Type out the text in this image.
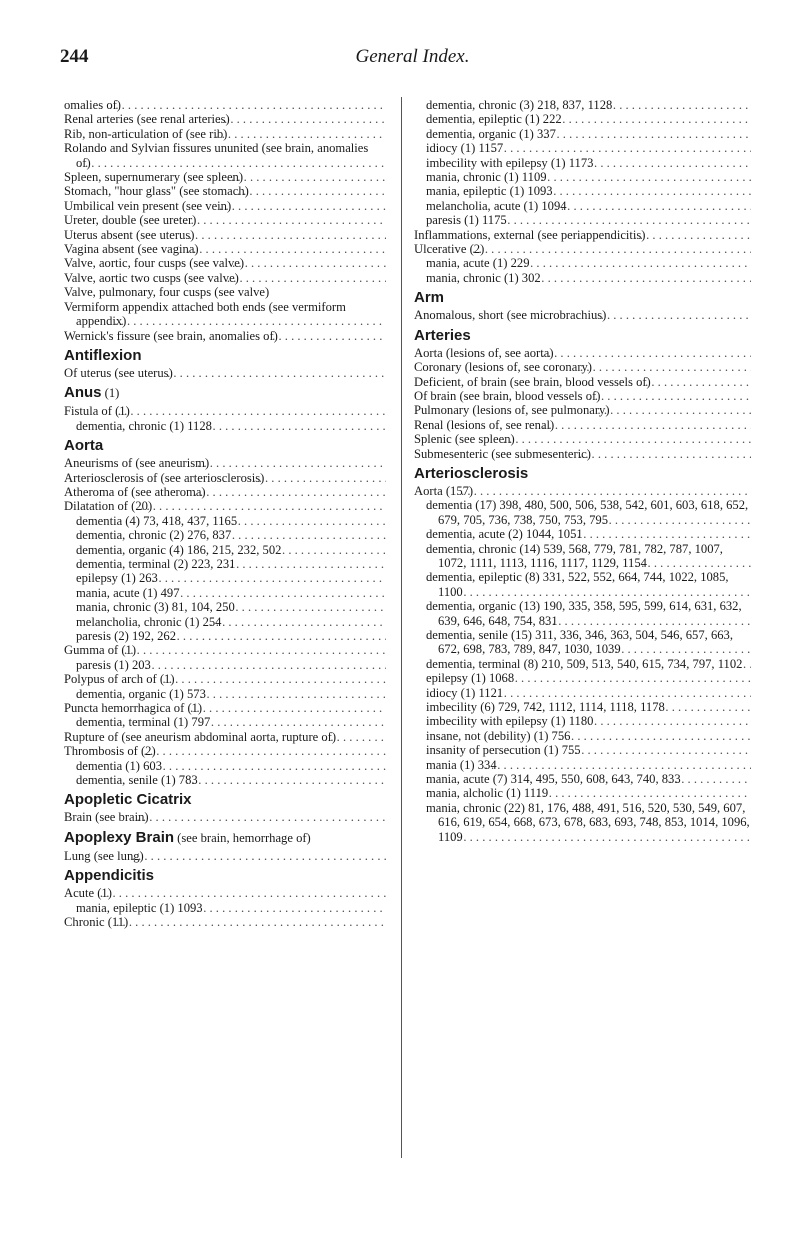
244	General Index.
omalies of) . . .
Renal arteries (see renal arteries) . . .
Rib, non-articulation of (see rib) . . .
Rolando and Sylvian fissures ununited (see brain, anomalies of) . . .
Spleen, supernumerary (see spleen) . . .
Stomach, "hour glass" (see stomach) . . .
Umbilical vein present (see vein) . . .
Ureter, double (see ureter) . . .
Uterus absent (see uterus) . . .
Vagina absent (see vagina) . . .
Valve, aortic, four cusps (see valve) . . .
Valve, aortic two cusps (see valve) . . .
Valve, pulmonary, four cusps (see valve)
Vermiform appendix attached both ends (see vermiform appendix) . . .
Wernick's fissure (see brain, anomalies of) . . .
Antiflexion
Of uterus (see uterus) . . .
Anus (1)
Fistula of (1) . . .
dementia, chronic (1) 1128 . . .
Aorta
Aneurisms of (see aneurism) . . .
Arteriosclerosis of (see arteriosclerosis) . . .
Atheroma of (see atheroma) . . .
Dilatation of (20) . . .
dementia (4) 73, 418, 437, 1165 . . .
dementia, chronic (2) 276, 837 . . .
dementia, organic (4) 186, 215, 232, 502 . . .
dementia, terminal (2) 223, 231 . . .
epilepsy (1) 263 . . .
mania, acute (1) 497 . . .
mania, chronic (3) 81, 104, 250 . . .
melancholia, chronic (1) 254 . . .
paresis (2) 192, 262 . . .
Gumma of (1) . . .
paresis (1) 203 . . .
Polypus of arch of (1) . . .
dementia, organic (1) 573 . . .
Puncta hemorrhagica of (1) . . .
dementia, terminal (1) 797 . . .
Rupture of (see aneurism abdominal aorta, rupture of) . . .
Thrombosis of (2) . . .
dementia (1) 603 . . .
dementia, senile (1) 783 . . .
Apopletic Cicatrix
Brain (see brain) . . .
Apoplexy Brain (see brain, hemorrhage of)
Lung (see lung) . . .
Appendicitis
Acute (1) . . .
mania, epileptic (1) 1093 . . .
Chronic (11) . . .
dementia, chronic (3) 218, 837, 1128 . . .
dementia, epileptic (1) 222 . . .
dementia, organic (1) 337 . . .
idiocy (1) 1157 . . .
imbecility with epilepsy (1) 1173 . . .
mania, chronic (1) 1109 . . .
mania, epileptic (1) 1093 . . .
melancholia, acute (1) 1094 . . .
paresis (1) 1175 . . .
Inflammations, external (see periappendicitis) . . .
Ulcerative (2) . . .
mania, acute (1) 229 . . .
mania, chronic (1) 302 . . .
Arm
Anomalous, short (see microbrachius) . . .
Arteries
Aorta (lesions of, see aorta) . . .
Coronary (lesions of, see coronary) . . .
Deficient, of brain (see brain, blood vessels of) . . .
Of brain (see brain, blood vessels of) . . .
Pulmonary (lesions of, see pulmonary) . . .
Renal (lesions of, see renal) . . .
Splenic (see spleen) . . .
Submesenteric (see submesenteric) . . .
Arteriosclerosis
Aorta (157) . . .
dementia (17) 398, 480, 500, 506, 538, 542, 601, 603, 618, 652, 679, 705, 736, 738, 750, 753, 795 . . .
dementia, acute (2) 1044, 1051 . . .
dementia, chronic (14) 539, 568, 779, 781, 782, 787, 1007, 1072, 1111, 1113, 1116, 1117, 1129, 1154 . . .
dementia, epileptic (8) 331, 522, 552, 664, 744, 1022, 1085, 1100 . . .
dementia, organic (13) 190, 335, 358, 595, 599, 614, 631, 632, 639, 646, 648, 754, 831 . . .
dementia, senile (15) 311, 336, 346, 363, 504, 546, 657, 663, 672, 698, 783, 789, 847, 1030, 1039 . . .
dementia, terminal (8) 210, 509, 513, 540, 615, 734, 797, 1102 . . .
epilepsy (1) 1068 . . .
idiocy (1) 1121 . . .
imbecility (6) 729, 742, 1112, 1114, 1118, 1178 . . .
imbecility with epilepsy (1) 1180 . . .
insane, not (debility) (1) 756 . . .
insanity of persecution (1) 755 . . .
mania (1) 334 . . .
mania, acute (7) 314, 495, 550, 608, 643, 740, 833 . . .
mania, alcholic (1) 1119 . . .
mania, chronic (22) 81, 176, 488, 491, 516, 520, 530, 549, 607, 616, 619, 654, 668, 673, 678, 683, 693, 748, 853, 1014, 1096, 1109 . . .
